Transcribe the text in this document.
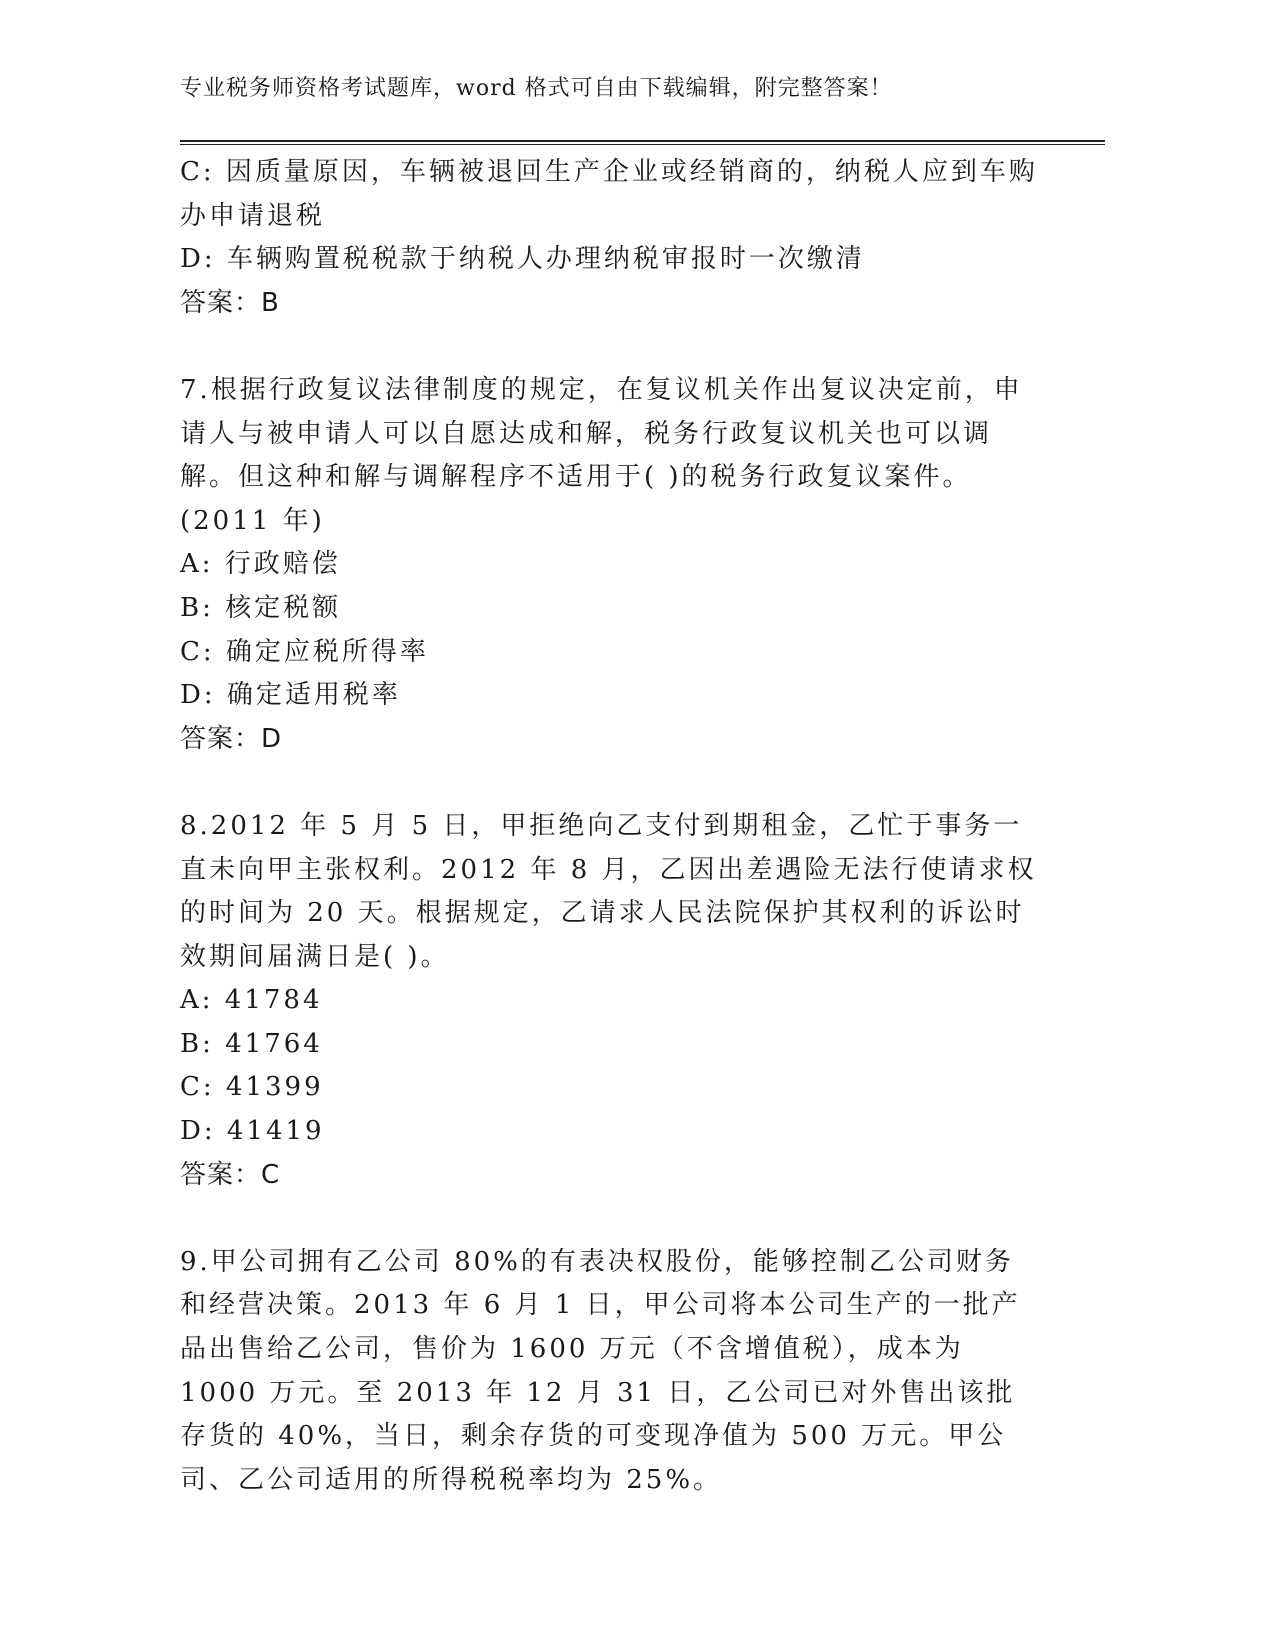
专业税务师资格考试题库，word 格式可自由下载编辑，附完整答案！

C: 因质量原因，车辆被退回生产企业或经销商的，纳税人应到车购办申请退税

D: 车辆购置税税款于纳税人办理纳税审报时一次缴清

答案：B

7.根据行政复议法律制度的规定，在复议机关作出复议决定前，申请人与被申请人可以自愿达成和解，税务行政复议机关也可以调解。但这种和解与调解程序不适用于( )的税务行政复议案件。(2011 年)

A: 行政赔偿

B: 核定税额

C: 确定应税所得率

D: 确定适用税率

答案：D

8.2012 年 5 月 5 日，甲拒绝向乙支付到期租金，乙忙于事务一直未向甲主张权利。2012 年 8 月，乙因出差遇险无法行使请求权的时间为 20 天。根据规定，乙请求人民法院保护其权利的诉讼时效期间届满日是( )。

A: 41784

B: 41764

C: 41399

D: 41419

答案：C

9.甲公司拥有乙公司 80%的有表决权股份，能够控制乙公司财务和经营决策。2013 年 6 月 1 日，甲公司将本公司生产的一批产品出售给乙公司，售价为 1600 万元（不含增值税），成本为 1000 万元。至 2013 年 12 月 31 日，乙公司已对外售出该批存货的 40%，当日，剩余存货的可变现净值为 500 万元。甲公司、乙公司适用的所得税税率均为 25%。
